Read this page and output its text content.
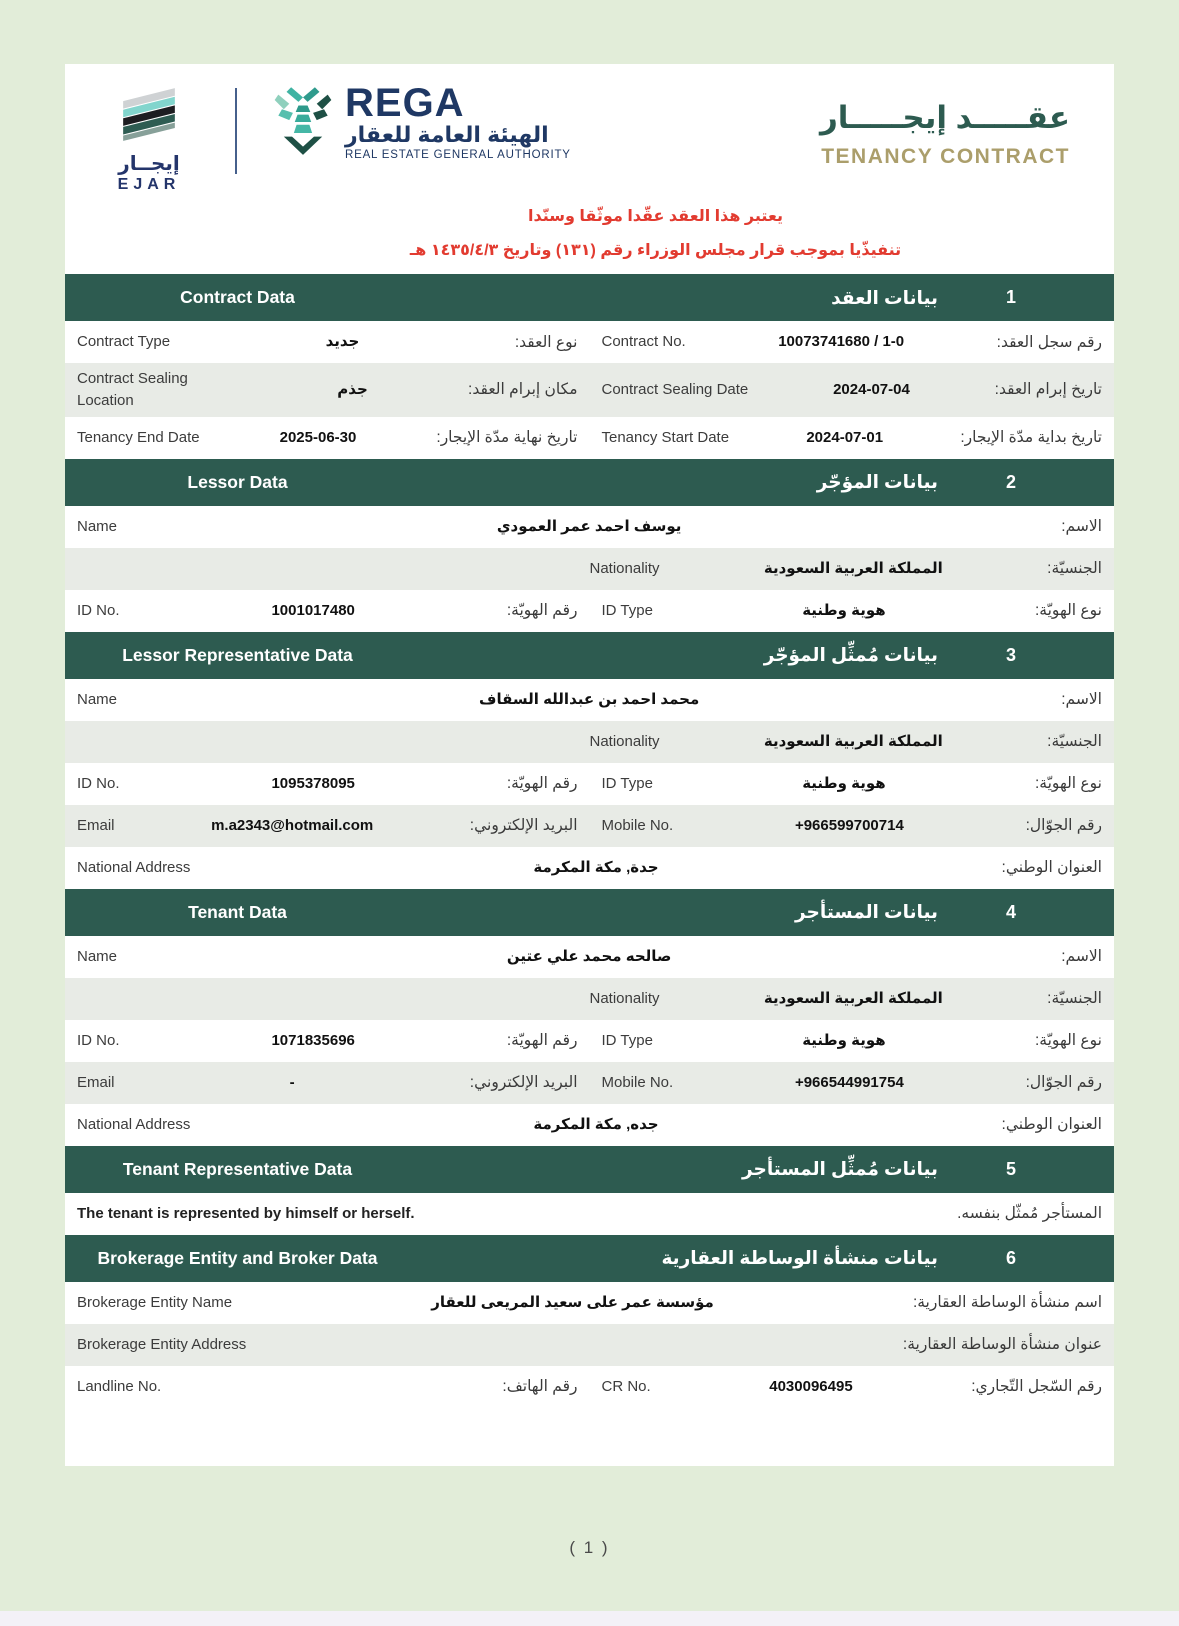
إيجــار
EJAR
REGA
الهيئة العامة للعقار
REAL ESTATE GENERAL AUTHORITY
عقـــــد إيجـــــار
TENANCY CONTRACT
يعتبر هذا العقد عقّدا موثّقا وسنّدا
تنفيذّيا بموجب قرار مجلس الوزراء رقم (١٣١) وتاريخ ١٤٣٥/٤/٣ هـ
1
بيانات العقد
Contract Data
رقم سجل العقد:
10073741680 / 1-0
Contract No.
نوع العقد:
جديد
Contract Type
تاريخ إبرام العقد:
2024-07-04
Contract Sealing Date
مكان إبرام العقد:
جذم
Contract Sealing Location
تاريخ بداية مدّة الإيجار:
2024-07-01
Tenancy Start Date
تاريخ نهاية مدّة الإيجار:
2025-06-30
Tenancy End Date
2
بيانات المؤجّر
Lessor Data
الاسم:
يوسف احمد عمر العمودي
Name
الجنسيّة:
المملكة العربية السعودية
Nationality
نوع الهويّة:
هوية وطنية
ID Type
رقم الهويّة:
1001017480
ID No.
3
بيانات مُمثِّل المؤجّر
Lessor Representative Data
الاسم:
محمد احمد بن عبدالله السقاف
Name
الجنسيّة:
المملكة العربية السعودية
Nationality
نوع الهويّة:
هوية وطنية
ID Type
رقم الهويّة:
1095378095
ID No.
رقم الجوّال:
+966599700714
Mobile No.
البريد الإلكتروني:
m.a2343@hotmail.com
Email
العنوان الوطني:
جدة, مكة المكرمة
National Address
4
بيانات المستأجر
Tenant Data
الاسم:
صالحه محمد علي عتين
Name
الجنسيّة:
المملكة العربية السعودية
Nationality
نوع الهويّة:
هوية وطنية
ID Type
رقم الهويّة:
1071835696
ID No.
رقم الجوّال:
+966544991754
Mobile No.
البريد الإلكتروني:
-
Email
العنوان الوطني:
جده, مكة المكرمة
National Address
5
بيانات مُمثِّل المستأجر
Tenant Representative Data
المستأجر مُمثّل بنفسه.
The tenant is represented by himself or herself.
6
بيانات منشأة الوساطة العقارية
Brokerage Entity and Broker Data
اسم منشأة الوساطة العقارية:
مؤسسة عمر على سعيد المريعى للعقار
Brokerage Entity Name
عنوان منشأة الوساطة العقارية:
Brokerage Entity Address
رقم السّجل التّجاري:
4030096495
CR No.
رقم الهاتف:
Landline No.
( 1 )
